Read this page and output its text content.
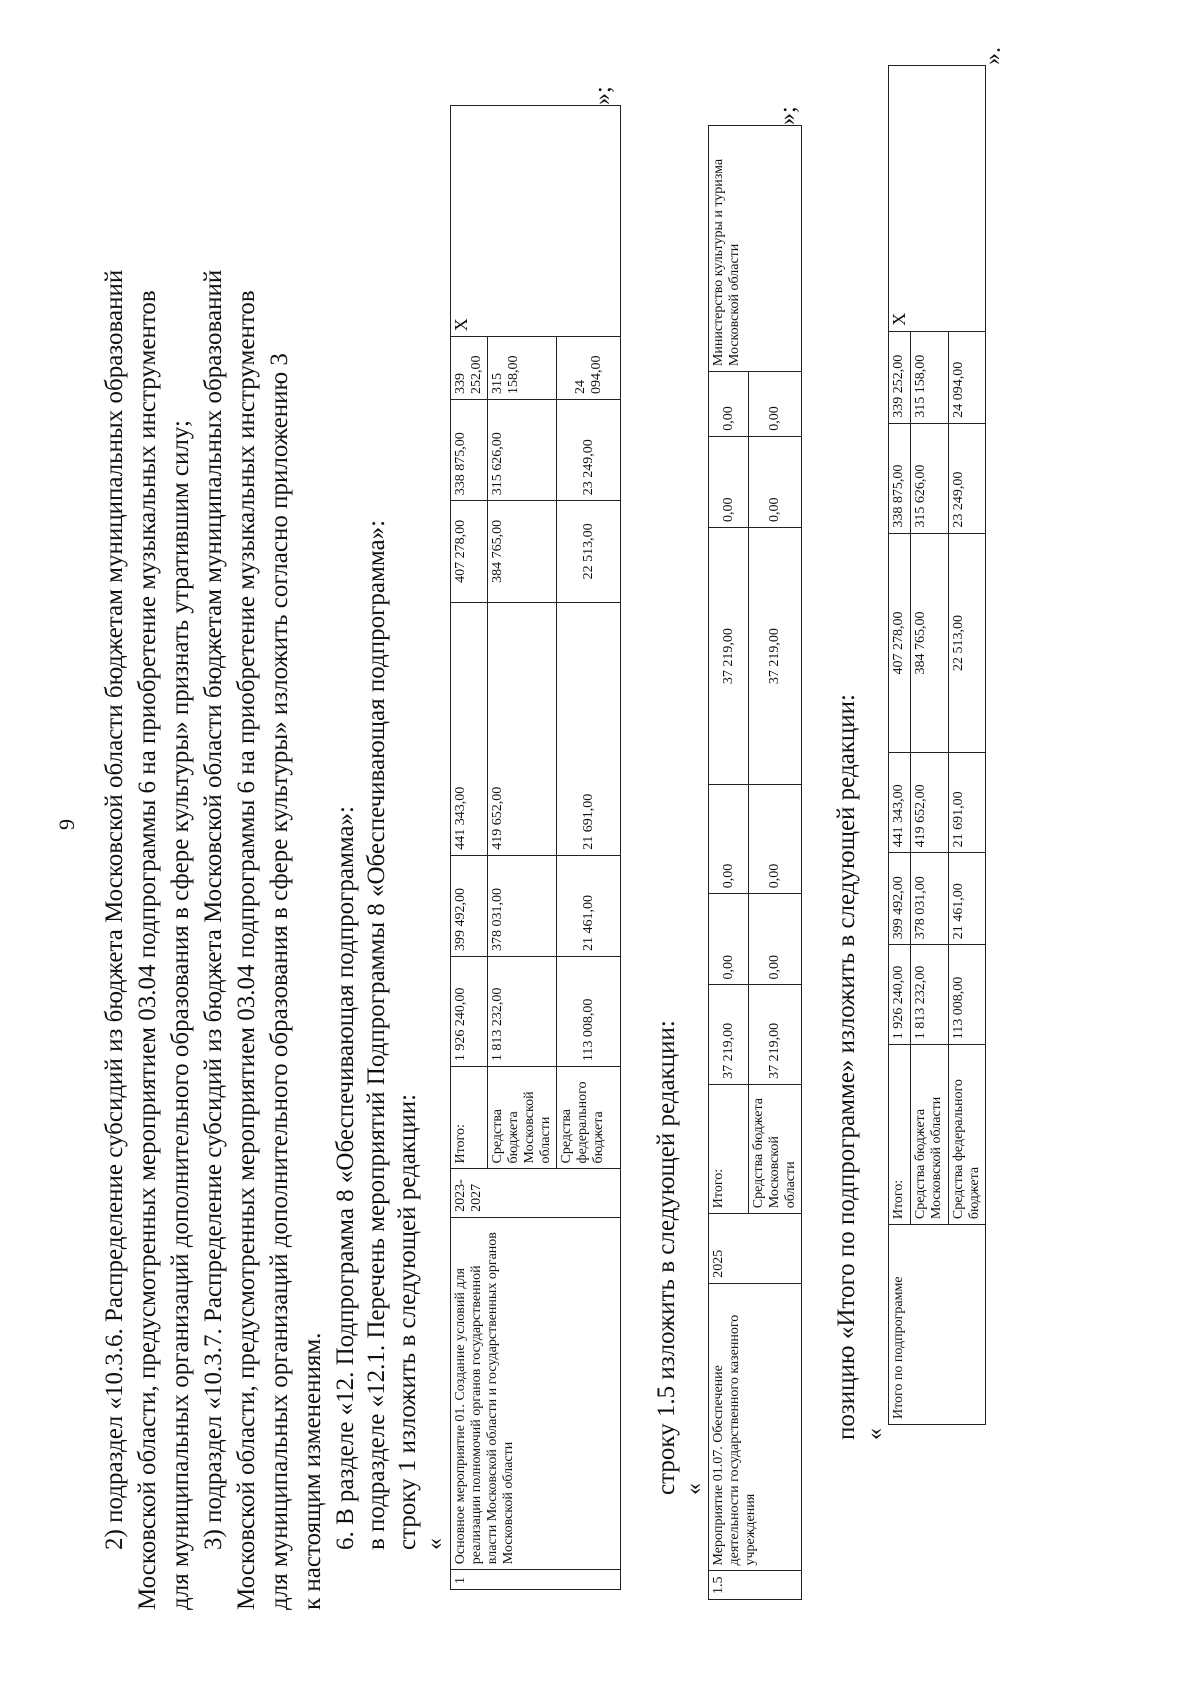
9 2) подраздел «10.3.6. Распределение субсидий из бюджета Московской области бюджетам муниципальных образований Московской области, предусмотренных мероприятием 03.04 подпрограммы 6 на приобретение музыкальных инструментов для муниципальных организаций дополнительного образования в сфере культуры» признать утратившим силу; 3) подраздел «10.3.7. Распределение субсидий из бюджета Московской области бюджетам муниципальных образований Московской области, предусмотренных мероприятием 03.04 подпрограммы 6 на приобретение музыкальных инструментов для муниципальных организаций дополнительного образования в сфере культуры» изложить согласно приложению 3 к настоящим изменениям. 6. В разделе «12. Подпрограмма 8 «Обеспечивающая подпрограмма»: в подразделе «12.1. Перечень мероприятий Подпрограммы 8 «Обеспечивающая подпрограмма»: строку 1 изложить в следующей редакции: «
1	Основное мероприятие 01. Создание условий для реализации полномочий органов государственной власти Московской области и государственных органов Московской области	2023-2027	Итого:	1 926 240,00	399 492,00	441 343,00	407 278,00	338 875,00	339 252,00	Х
			Средства бюджета Московской области	1 813 232,00	378 031,00	419 652,00	384 765,00	315 626,00	315 158,00	
			Средства федерального бюджета	113 008,00	21 461,00	21 691,00	22 513,00	23 249,00	24 094,00	
»;
строку 1.5 изложить в следующей редакции: «
1.5	Мероприятие 01.07. Обеспечение деятельности государственного казенного учреждения	2025	Итого:	37 219,00	0,00	0,00	37 219,00	0,00	0,00	Министерство культуры и туризма Московской области
			Средства бюджета Московской области	37 219,00	0,00	0,00	37 219,00	0,00	0,00	
»;
позицию «Итого по подпрограмме» изложить в следующей редакции: «
Итого по подпрограмме	Итого:	1 926 240,00	399 492,00	441 343,00	407 278,00	338 875,00	339 252,00	Х
	Средства бюджета Московской области	1 813 232,00	378 031,00	419 652,00	384 765,00	315 626,00	315 158,00	
	Средства федерального бюджета	113 008,00	21 461,00	21 691,00	22 513,00	23 249,00	24 094,00	
».
